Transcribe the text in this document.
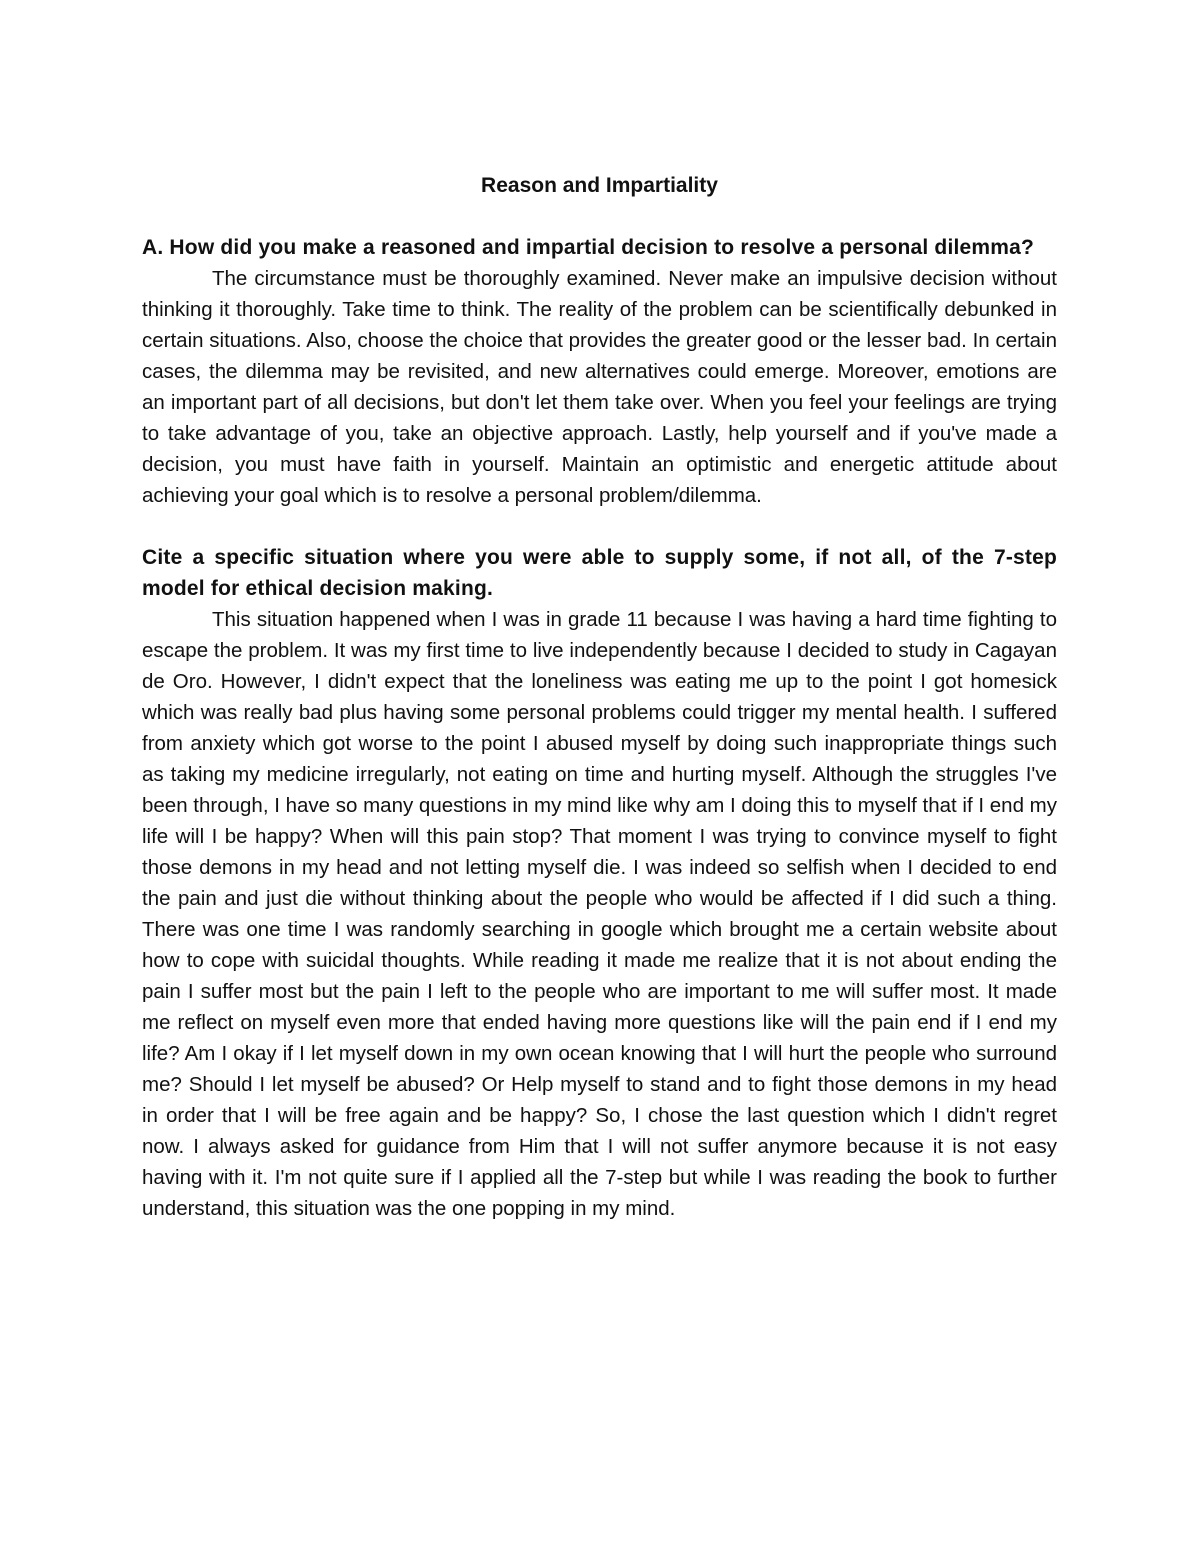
Reason and Impartiality

A. How did you make a reasoned and impartial decision to resolve a personal dilemma?

The circumstance must be thoroughly examined. Never make an impulsive decision without thinking it thoroughly. Take time to think. The reality of the problem can be scientifically debunked in certain situations. Also, choose the choice that provides the greater good or the lesser bad. In certain cases, the dilemma may be revisited, and new alternatives could emerge. Moreover, emotions are an important part of all decisions, but don't let them take over. When you feel your feelings are trying to take advantage of you, take an objective approach. Lastly, help yourself and if you've made a decision, you must have faith in yourself. Maintain an optimistic and energetic attitude about achieving your goal which is to resolve a personal problem/dilemma.

Cite a specific situation where you were able to supply some, if not all, of the 7-step model for ethical decision making.

This situation happened when I was in grade 11 because I was having a hard time fighting to escape the problem. It was my first time to live independently because I decided to study in Cagayan de Oro. However, I didn't expect that the loneliness was eating me up to the point I got homesick which was really bad plus having some personal problems could trigger my mental health. I suffered from anxiety which got worse to the point I abused myself by doing such inappropriate things such as taking my medicine irregularly, not eating on time and hurting myself. Although the struggles I've been through, I have so many questions in my mind like why am I doing this to myself that if I end my life will I be happy? When will this pain stop? That moment I was trying to convince myself to fight those demons in my head and not letting myself die. I was indeed so selfish when I decided to end the pain and just die without thinking about the people who would be affected if I did such a thing. There was one time I was randomly searching in google which brought me a certain website about how to cope with suicidal thoughts. While reading it made me realize that it is not about ending the pain I suffer most but the pain I left to the people who are important to me will suffer most. It made me reflect on myself even more that ended having more questions like will the pain end if I end my life? Am I okay if I let myself down in my own ocean knowing that I will hurt the people who surround me? Should I let myself be abused? Or Help myself to stand and to fight those demons in my head in order that I will be free again and be happy? So, I chose the last question which I didn't regret now. I always asked for guidance from Him that I will not suffer anymore because it is not easy having with it. I'm not quite sure if I applied all the 7-step but while I was reading the book to further understand, this situation was the one popping in my mind.
